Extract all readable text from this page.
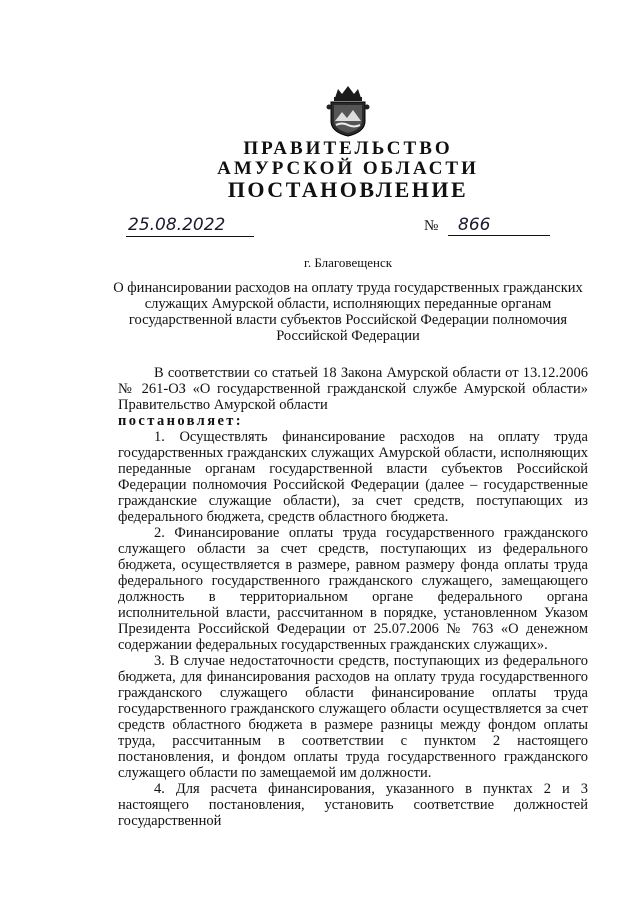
ПРАВИТЕЛЬСТВО
АМУРСКОЙ ОБЛАСТИ
ПОСТАНОВЛЕНИЕ
25.08.2022	№ 866
г. Благовещенск
О финансировании расходов на оплату труда государственных гражданских служащих Амурской области, исполняющих переданные органам государственной власти субъектов Российской Федерации полномочия Российской Федерации

В соответствии со статьей 18 Закона Амурской области от 13.12.2006 № 261-ОЗ «О государственной гражданской службе Амурской области» Правительство Амурской области

постановляет:

1. Осуществлять финансирование расходов на оплату труда государственных гражданских служащих Амурской области, исполняющих переданные органам государственной власти субъектов Российской Федерации полномочия Российской Федерации (далее – государственные гражданские служащие области), за счет средств, поступающих из федерального бюджета, средств областного бюджета.

2. Финансирование оплаты труда государственного гражданского служащего области за счет средств, поступающих из федерального бюджета, осуществляется в размере, равном размеру фонда оплаты труда федерального государственного гражданского служащего, замещающего должность в территориальном органе федерального органа исполнительной власти, рассчитанном в порядке, установленном Указом Президента Российской Федерации от 25.07.2006 № 763 «О денежном содержании федеральных государственных гражданских служащих».

3. В случае недостаточности средств, поступающих из федерального бюджета, для финансирования расходов на оплату труда государственного гражданского служащего области финансирование оплаты труда государственного гражданского служащего области осуществляется за счет средств областного бюджета в размере разницы между фондом оплаты труда, рассчитанным в соответствии с пунктом 2 настоящего постановления, и фондом оплаты труда государственного гражданского служащего области по замещаемой им должности.

4. Для расчета финансирования, указанного в пунктах 2 и 3 настоящего постановления, установить соответствие должностей государственной
